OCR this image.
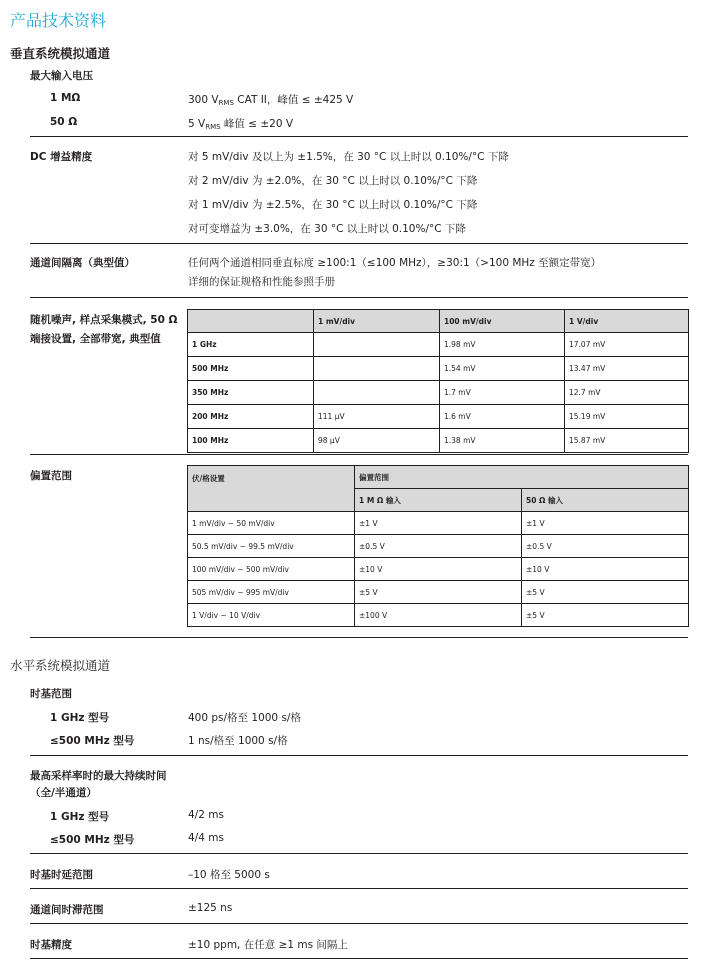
产品技术资料
垂直系统模拟通道
最大输入电压
1 MΩ	300 $V_{RMS}$ CAT II，峰值 ≤ ±425 V
50 Ω	5 $V_{RMS}$ 峰值 ≤ ±20 V
DC 增益精度	对 5 mV/div 及以上为 ±1.5%，在 30 °C 以上时以 0.10%/°C 下降
对 2 mV/div 为 ±2.0%，在 30 °C 以上时以 0.10%/°C 下降
对 1 mV/div 为 ±2.5%，在 30 °C 以上时以 0.10%/°C 下降
对可变增益为 ±3.0%，在 30 °C 以上时以 0.10%/°C 下降
通道间隔离（典型值）	任何两个通道相同垂直标度 ≥100:1（≤100 MHz），≥30:1（>100 MHz 至额定带宽）
详细的保证规格和性能参照手册
随机噪声, 样点采集模式, 50 Ω
端接设置, 全部带宽, 典型值
	1 mV/div	100 mV/div	1 V/div
1 GHz		1.98 mV	17.07 mV
500 MHz		1.54 mV	13.47 mV
350 MHz		1.7 mV	12.7 mV
200 MHz	111 μV	1.6 mV	15.19 mV
100 MHz	98 μV	1.38 mV	15.87 mV
偏置范围	伏/格设置	偏置范围	
	1 M Ω 输入	50 Ω 输入
1 mV/div ~ 50 mV/div	±1 V	±1 V
50.5 mV/div ~ 99.5 mV/div	±0.5 V	±0.5 V
100 mV/div ~ 500 mV/div	±10 V	±10 V
505 mV/div ~ 995 mV/div	±5 V	±5 V
1 V/div ~ 10 V/div	±100 V	±5 V
水平系统模拟通道
时基范围
1 GHz 型号	400 ps/格至 1000 s/格
≤500 MHz 型号	1 ns/格至 1000 s/格
最高采样率时的最大持续时间
（全/半通道）
1 GHz 型号	4/2 ms
≤500 MHz 型号	4/4 ms
时基时延范围	–10 格至 5000 s
通道间时滞范围	±125 ns
时基精度	±10 ppm, 在任意 ≥1 ms 间隔上
